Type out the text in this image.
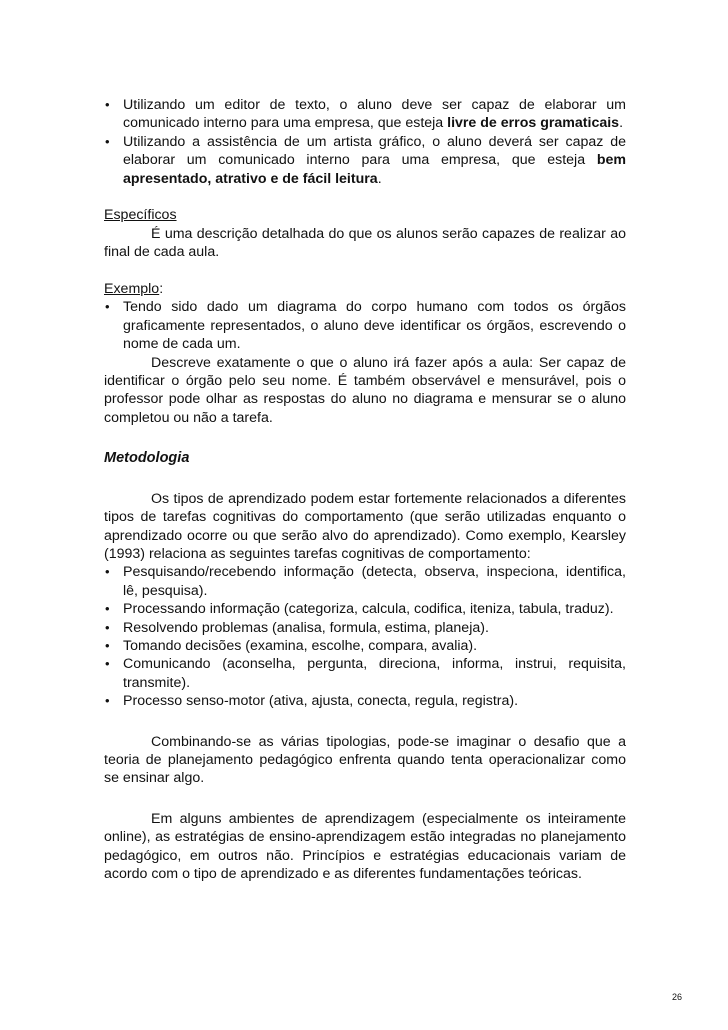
• Utilizando um editor de texto, o aluno deve ser capaz de elaborar um comunicado interno para uma empresa, que esteja livre de erros gramaticais.
• Utilizando a assistência de um artista gráfico, o aluno deverá ser capaz de elaborar um comunicado interno para uma empresa, que esteja bem apresentado, atrativo e de fácil leitura.

Específicos

É uma descrição detalhada do que os alunos serão capazes de realizar ao final de cada aula.

Exemplo:

• Tendo sido dado um diagrama do corpo humano com todos os órgãos graficamente representados, o aluno deve identificar os órgãos, escrevendo o nome de cada um.

Descreve exatamente o que o aluno irá fazer após a aula: Ser capaz de identificar o órgão pelo seu nome. É também observável e mensurável, pois o professor pode olhar as respostas do aluno no diagrama e mensurar se o aluno completou ou não a tarefa.

Metodologia

Os tipos de aprendizado podem estar fortemente relacionados a diferentes tipos de tarefas cognitivas do comportamento (que serão utilizadas enquanto o aprendizado ocorre ou que serão alvo do aprendizado). Como exemplo, Kearsley (1993) relaciona as seguintes tarefas cognitivas de comportamento:

• Pesquisando/recebendo informação (detecta, observa, inspeciona, identifica, lê, pesquisa).
• Processando informação (categoriza, calcula, codifica, iteniza, tabula, traduz).
• Resolvendo problemas (analisa, formula, estima, planeja).
• Tomando decisões (examina, escolhe, compara, avalia).
• Comunicando (aconselha, pergunta, direciona, informa, instrui, requisita, transmite).
• Processo senso-motor (ativa, ajusta, conecta, regula, registra).

Combinando-se as várias tipologias, pode-se imaginar o desafio que a teoria de planejamento pedagógico enfrenta quando tenta operacionalizar como se ensinar algo.

Em alguns ambientes de aprendizagem (especialmente os inteiramente online), as estratégias de ensino-aprendizagem estão integradas no planejamento pedagógico, em outros não. Princípios e estratégias educacionais variam de acordo com o tipo de aprendizado e as diferentes fundamentações teóricas.

26
